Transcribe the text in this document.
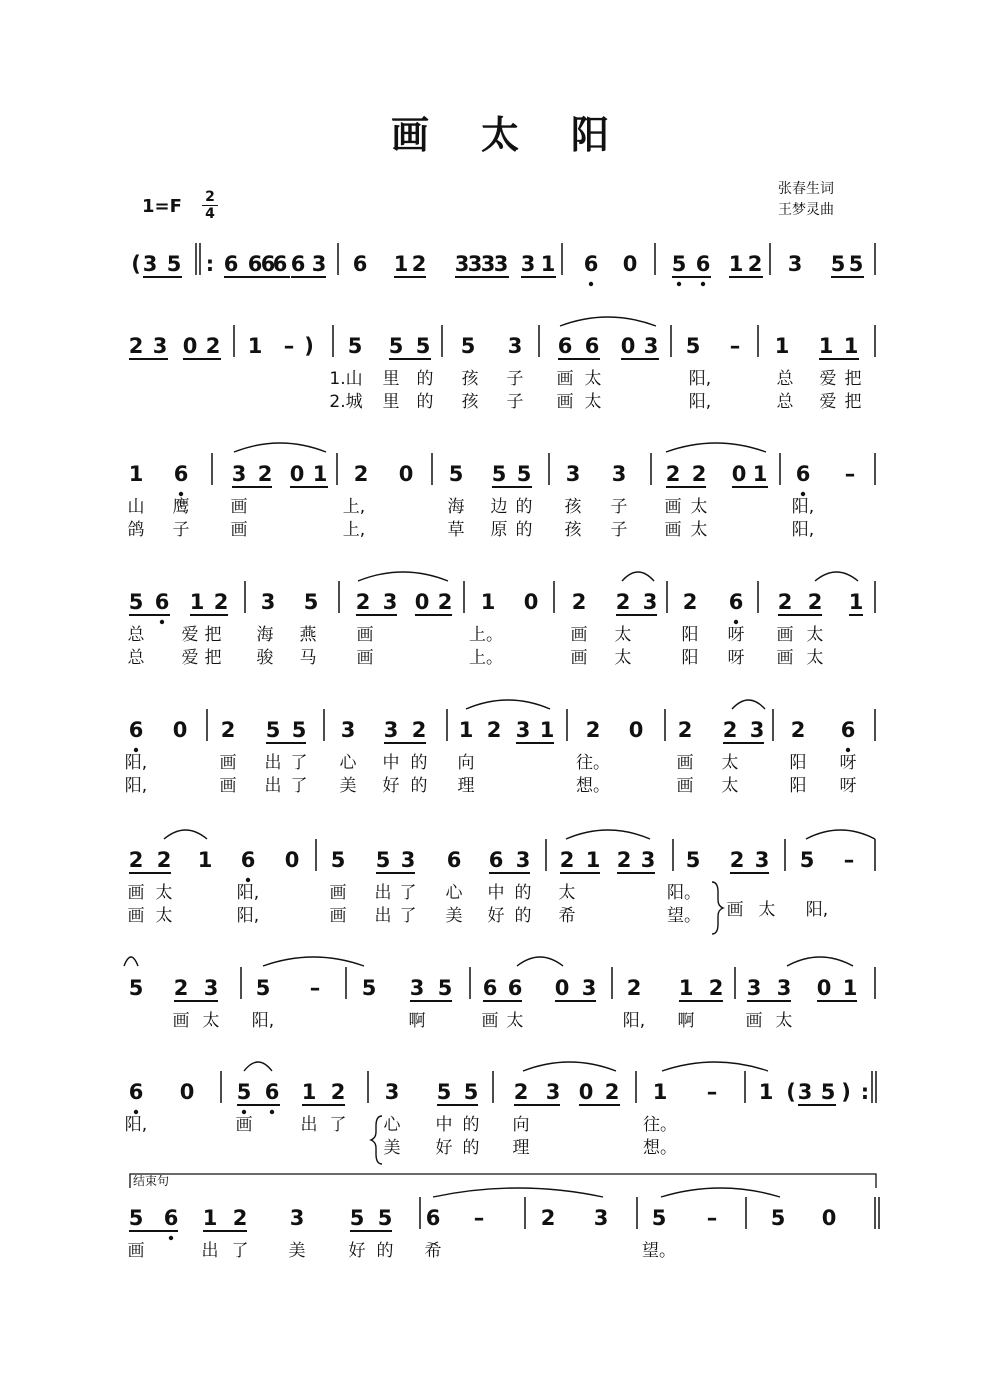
画太阳
张春生词
王梦灵曲
1=F 2
4
结束句
( 3 5 : 6 6
6
6 6 3 6 1 2 3
3
3
3 3 1 6 0 5 6 1 2 3 5 5
2 3 0 2 1 – ) 5 5 5 5 3 6 6 0 3 5 – 1 1 1
1.山 里 的 孩 子 画 太	阳,	总 爱 把
2.城 里 的 孩 子 画 太	阳,	总 爱 把
1 6 3 2 0 1 2 0 5 5 5 3 3 2 2 0 1 6 –
山 鹰 画	上,	海 边 的 孩 子 画 太	阳,
鸽 子 画	上,	草 原 的 孩 子 画 太	阳,
5 6 1 2 3 5 2 3 0 2 1 0 2 2 3 2 6 2 2 1
总 爱 把 海 燕 画	上。	画 太	阳 呀 画 太
总 爱 把 骏 马 画	上。	画 太	阳 呀 画 太
6 0 2 5 5 3 3 2 1 2 3 1 2 0 2 2 3 2 6
阳,	画 出 了 心 中 的 向	往。	画 太	阳 呀
阳,	画 出 了 美 好 的 理	想。	画 太	阳 呀
2 2 1 6 0 5 5 3 6 6 3 2 1 2 3 5 2 3 5 –
画 太	阳,	画 出 了 心 中 的 太	阳。
画 太	阳,	画 出 了 美 好 的 希	望。 画 太 阳,
5 2 3 5 – 5 3 5 6 6 0 3 2 1 2 3 3 0 1
画 太 阳,	啊	画 太	阳, 啊	画 太
6 0 5 6 1 2 3 5 5 2 3 0 2 1 – 1 ( 3 5 ) :
阳,	画	出 了 心 中 的 向	往。
美 好 的 理	想。
5 6 1 2 3 5 5 6 –	2 3 5 –	5 0
画	出 了 美	好 的 希	望。
